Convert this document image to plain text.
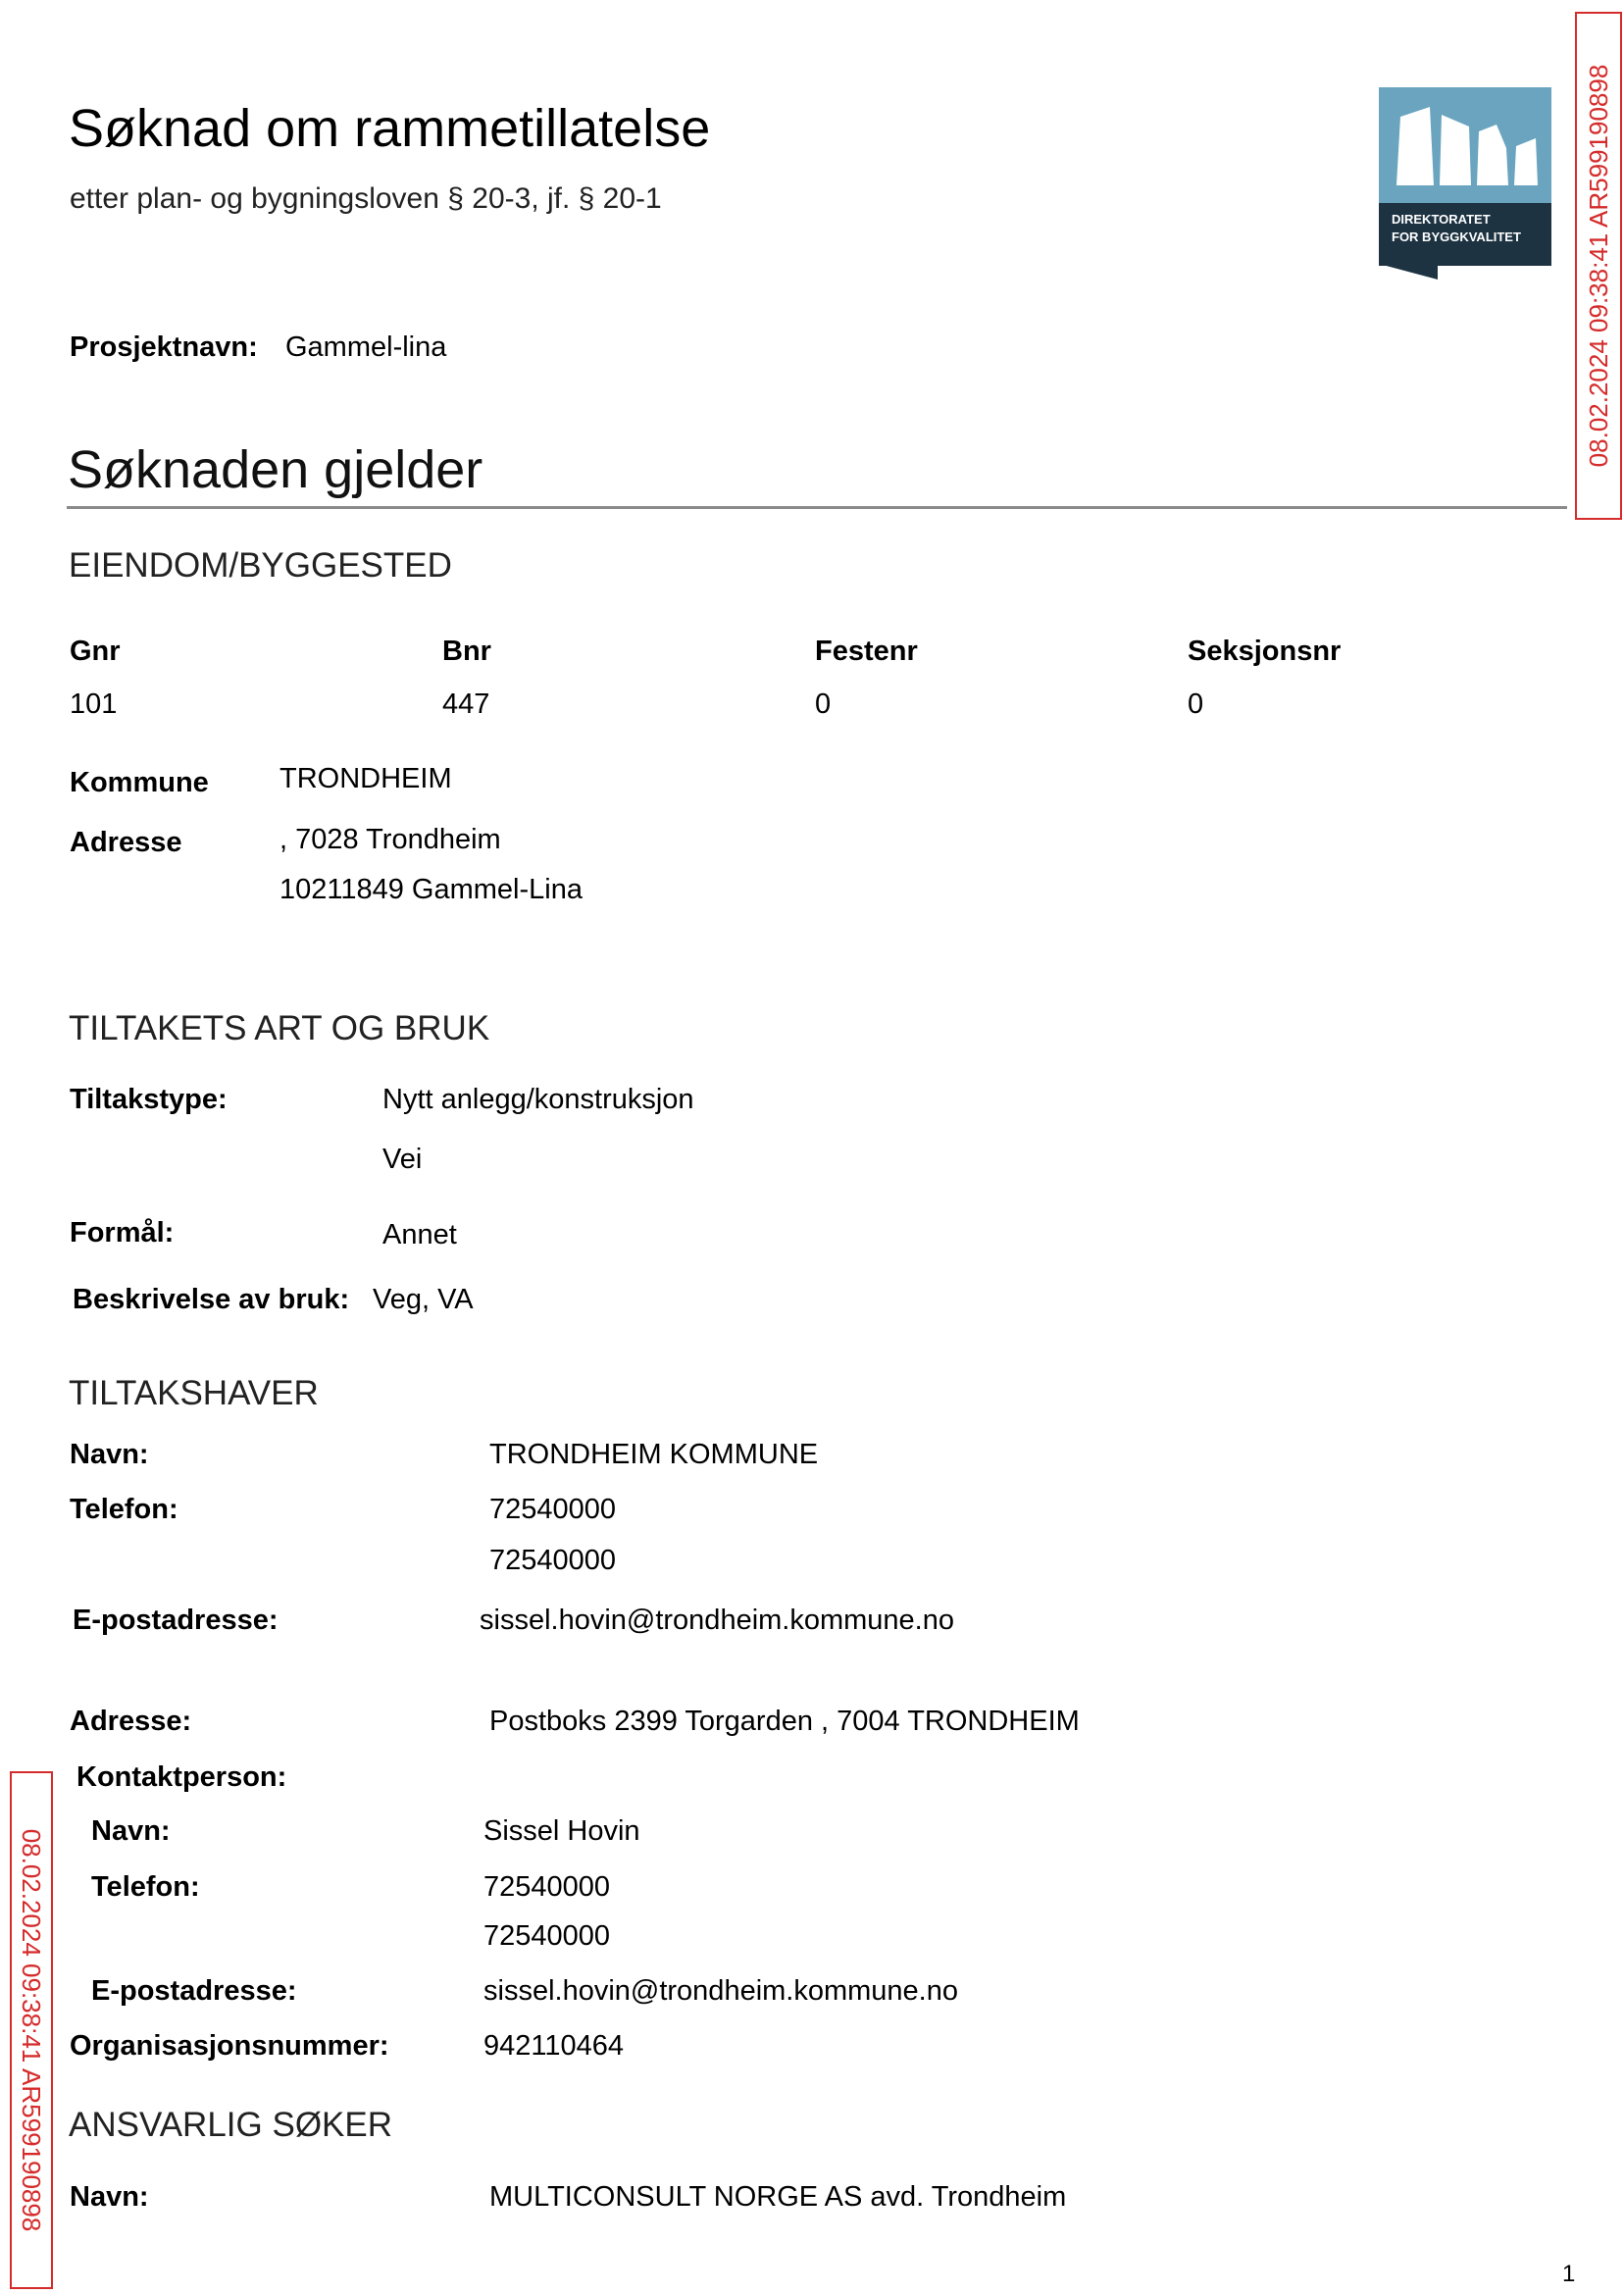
Søknad om rammetillatelse
etter plan- og bygningsloven § 20-3, jf. § 20-1
DIREKTORATET
FOR BYGGKVALITET 08.02.2024 09:38:41 AR599190898
08.02.2024 09:38:41 AR599190898
Prosjektnavn: Gammel-lina
Søknaden gjelder
EIENDOM/BYGGESTED
Gnr	Bnr	Festenr	Seksjonsnr
101	447	0	0
Kommune TRONDHEIM
Adresse	, 7028 Trondheim
10211849 Gammel-Lina
TILTAKETS ART OG BRUK
Tiltakstype:	Nytt anlegg/konstruksjon
Vei
Formål:	Annet
Beskrivelse av bruk: Veg, VA
TILTAKSHAVER
Navn:	TRONDHEIM KOMMUNE
Telefon:	72540000
72540000
E-postadresse:	sissel.hovin@trondheim.kommune.no
Adresse:	Postboks 2399 Torgarden , 7004 TRONDHEIM
Kontaktperson:
Navn:	Sissel Hovin
Telefon:	72540000
72540000
E-postadresse:	sissel.hovin@trondheim.kommune.no
Organisasjonsnummer:	942110464
ANSVARLIG SØKER
Navn:	MULTICONSULT NORGE AS avd. Trondheim
1
